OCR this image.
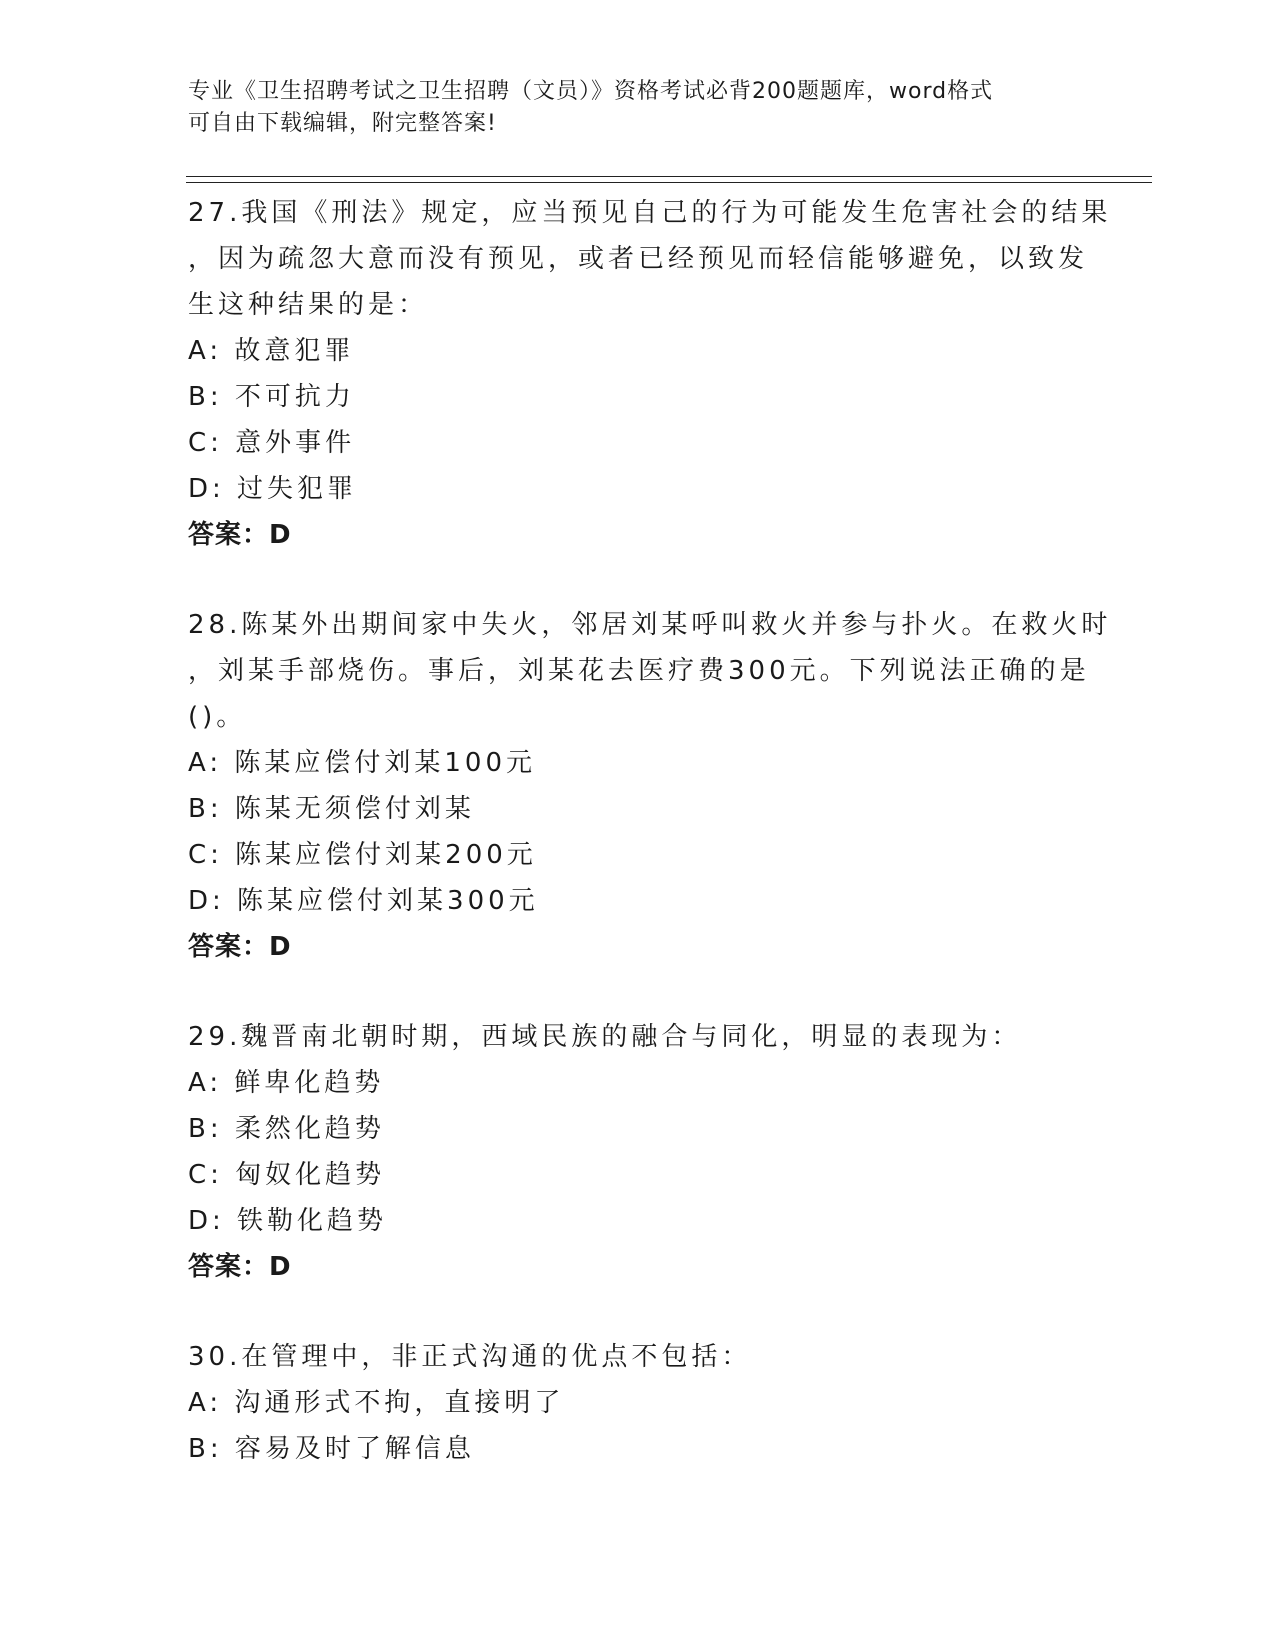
专业《卫生招聘考试之卫生招聘（文员）》资格考试必背200题题库，word格式
可自由下载编辑，附完整答案!
27.我国《刑法》规定，应当预见自己的行为可能发生危害社会的结果
，因为疏忽大意而没有预见，或者已经预见而轻信能够避免，以致发
生这种结果的是：
A: 故意犯罪
B: 不可抗力
C: 意外事件
D: 过失犯罪
答案：D
28.陈某外出期间家中失火，邻居刘某呼叫救火并参与扑火。在救火时
，刘某手部烧伤。事后，刘某花去医疗费300元。下列说法正确的是
()。
A: 陈某应偿付刘某100元
B: 陈某无须偿付刘某
C: 陈某应偿付刘某200元
D: 陈某应偿付刘某300元
答案：D
29.魏晋南北朝时期，西域民族的融合与同化，明显的表现为：
A: 鲜卑化趋势
B: 柔然化趋势
C: 匈奴化趋势
D: 铁勒化趋势
答案：D
30.在管理中，非正式沟通的优点不包括：
A: 沟通形式不拘，直接明了
B: 容易及时了解信息
